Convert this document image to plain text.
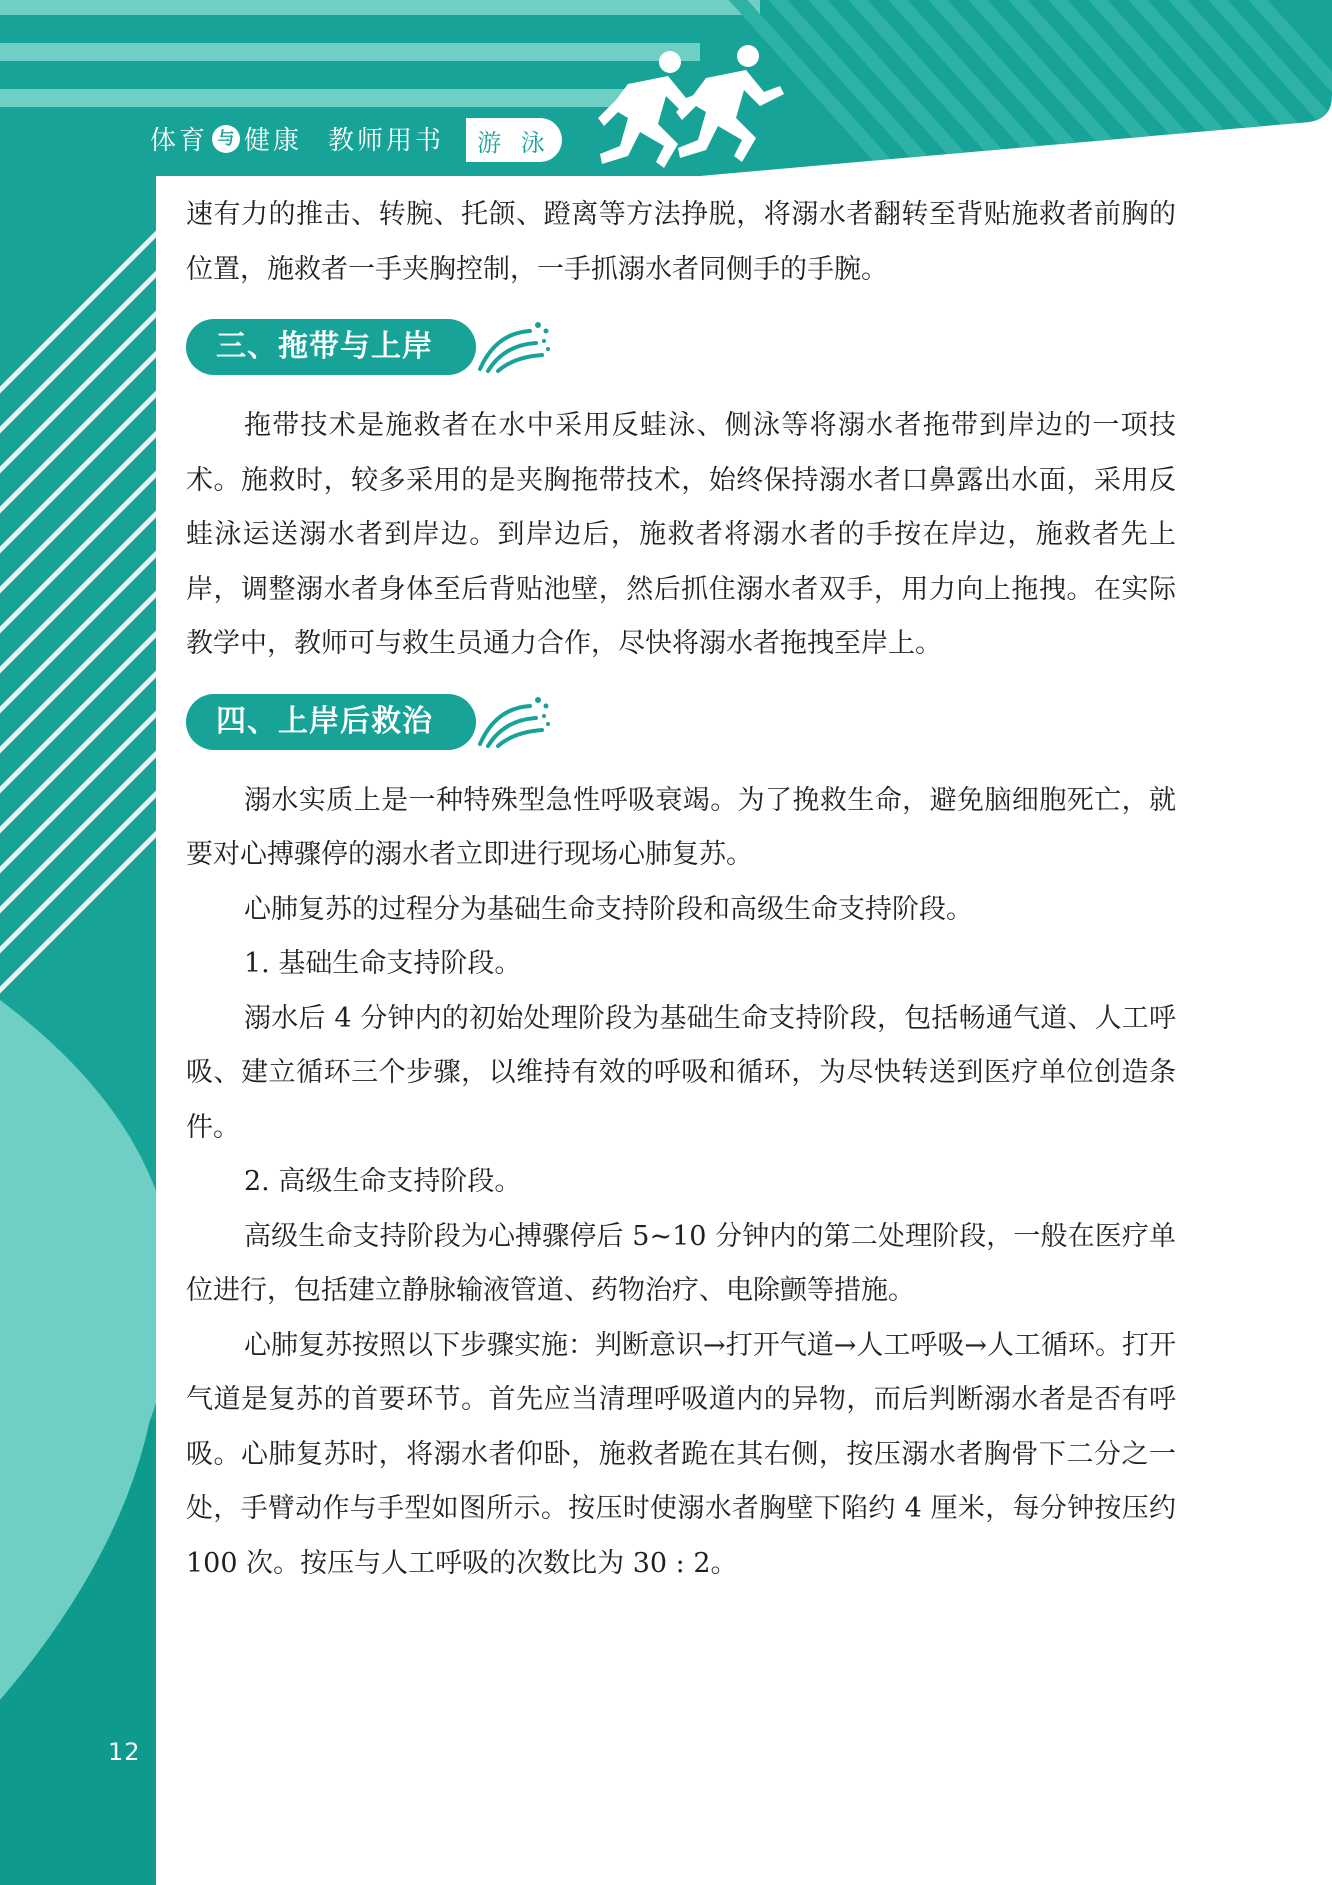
体育 与 健康 教师用书	游 泳

速有力的推击、转腕、托颌、蹬离等方法挣脱，将溺水者翻转至背贴施救者前胸的位置，施救者一手夹胸控制，一手抓溺水者同侧手的手腕。

三、拖带与上岸

拖带技术是施救者在水中采用反蛙泳、侧泳等将溺水者拖带到岸边的一项技术。施救时，较多采用的是夹胸拖带技术，始终保持溺水者口鼻露出水面，采用反蛙泳运送溺水者到岸边。到岸边后，施救者将溺水者的手按在岸边，施救者先上岸，调整溺水者身体至后背贴池壁，然后抓住溺水者双手，用力向上拖拽。在实际教学中，教师可与救生员通力合作，尽快将溺水者拖拽至岸上。

四、上岸后救治

溺水实质上是一种特殊型急性呼吸衰竭。为了挽救生命，避免脑细胞死亡，就要对心搏骤停的溺水者立即进行现场心肺复苏。

心肺复苏的过程分为基础生命支持阶段和高级生命支持阶段。

1. 基础生命支持阶段。

溺水后 4 分钟内的初始处理阶段为基础生命支持阶段，包括畅通气道、人工呼吸、建立循环三个步骤，以维持有效的呼吸和循环，为尽快转送到医疗单位创造条件。

2. 高级生命支持阶段。

高级生命支持阶段为心搏骤停后 5~10 分钟内的第二处理阶段，一般在医疗单位进行，包括建立静脉输液管道、药物治疗、电除颤等措施。

心肺复苏按照以下步骤实施：判断意识→打开气道→人工呼吸→人工循环。打开气道是复苏的首要环节。首先应当清理呼吸道内的异物，而后判断溺水者是否有呼吸。心肺复苏时，将溺水者仰卧，施救者跪在其右侧，按压溺水者胸骨下二分之一处，手臂动作与手型如图所示。按压时使溺水者胸壁下陷约 4 厘米，每分钟按压约 100 次。按压与人工呼吸的次数比为 30 : 2。

12
